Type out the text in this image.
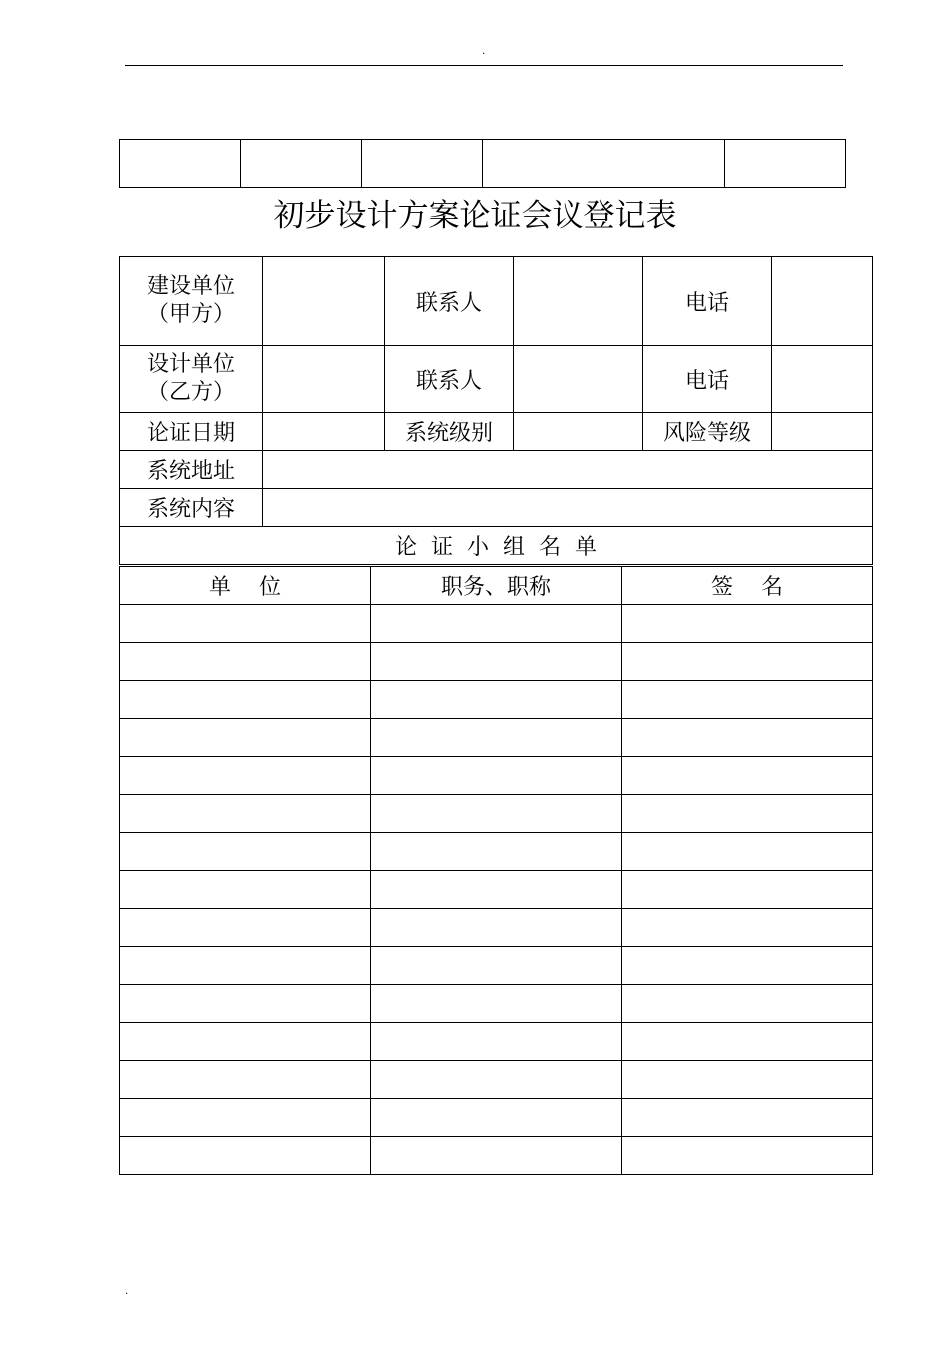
·

初步设计方案论证会议登记表
建设单位
（甲方）		联系人		电话	

设计单位
（乙方）		联系人		电话	
论证日期		系统级别		风险等级	
系统地址					
系统内容					
论  证  小  组  名  单					
单    位	职务、职称	签    名

·
